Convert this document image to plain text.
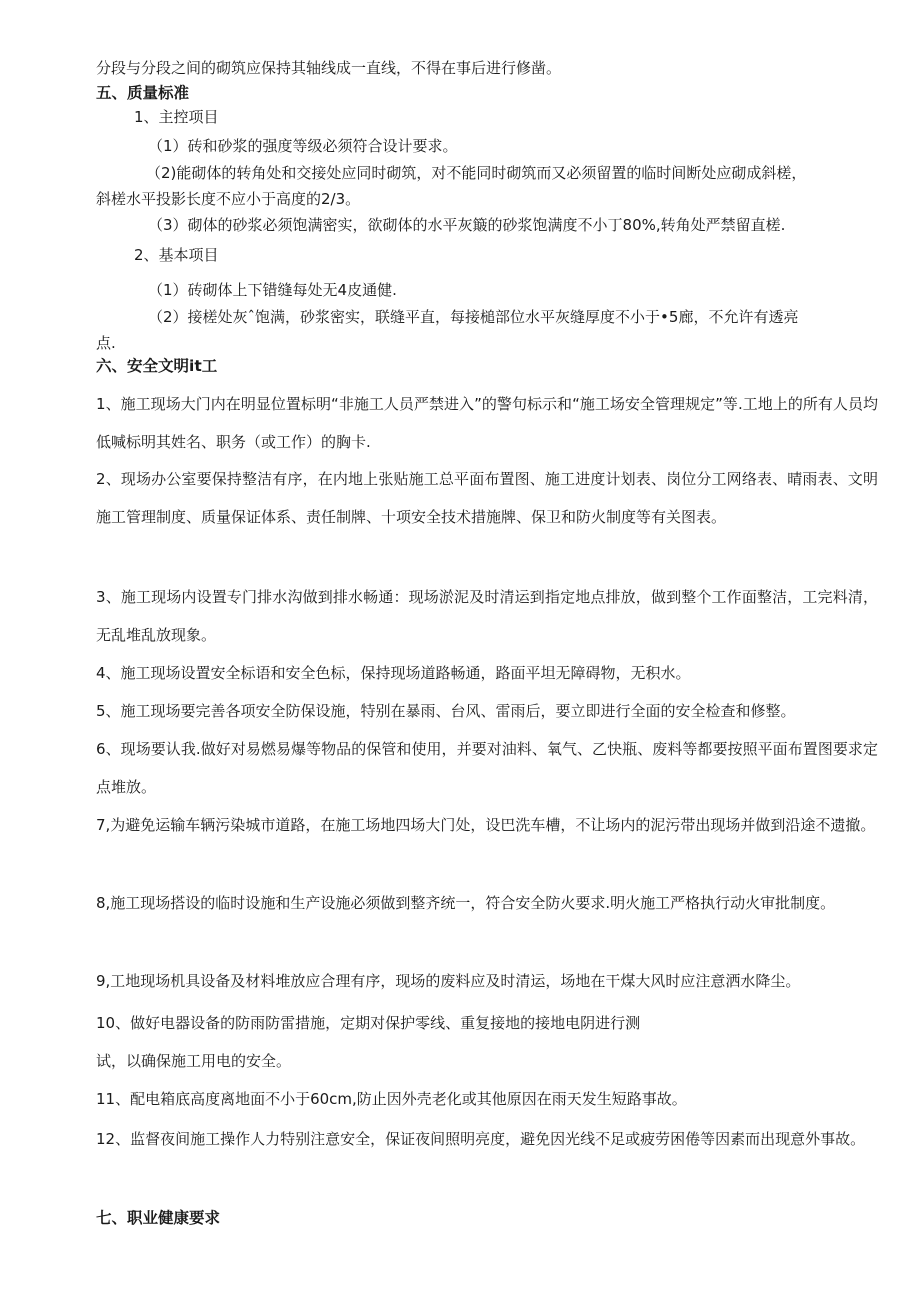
分段与分段之间的砌筑应保持其轴线成一直线，不得在事后进行修凿。
五、质量标准
1、主控项目
（1）砖和砂浆的强度等级必须符合设计要求。
（2)能砌体的转角处和交接处应同时砌筑，对不能同时砌筑而又必须留置的临时间断处应砌成斜槎，
斜槎水平投影长度不应小于高度的2/3。
（3）砌体的砂浆必须饱满密实，欲砌体的水平灰簸的砂浆饱满度不小丁80%,转角处严禁留直槎.
2、基本项目
（1）砖砌体上下错缝每处无4皮通健.
（2）接槎处灰ˆ饱满，砂浆密实，联缝平直，每接槌部位水平灰缝厚度不小于•5廊，不允许有透亮
点.
六、安全文明it工
1、施工现场大门内在明显位置标明“非施工人员严禁进入”的警句标示和“施工场安全管理规定”等.工地上的所有人员均低喊标明其姓名、职务（或工作）的胸卡.
2、现场办公室要保持整洁有序，在内地上张贴施工总平面布置图、施工进度计划表、岗位分工网络表、晴雨表、文明施工管理制度、质量保证体系、责任制牌、十项安全技术措施牌、保卫和防火制度等有关图表。
3、施工现场内设置专门排水沟做到排水畅通：现场淤泥及时清运到指定地点排放，做到整个工作面整洁，工完料清，无乱堆乱放现象。
4、施工现场设置安全标语和安全色标，保持现场道路畅通，路面平坦无障碍物，无积水。
5、施工现场要完善各项安全防保设施，特别在暴雨、台风、雷雨后，要立即进行全面的安全检查和修整。
6、现场要认我.做好对易燃易爆等物品的保管和使用，并要对油料、氧气、乙快瓶、废料等都要按照平面布置图要求定点堆放。
7,为避免运输车辆污染城市道路，在施工场地四场大门处，设巴洗车槽，不让场内的泥污带出现场并做到沿途不遗撤。
8,施工现场搭设的临时设施和生产设施必须做到整齐统一，符合安全防火要求.明火施工严格执行动火审批制度。
9,工地现场机具设备及材料堆放应合理有序，现场的废料应及时清运，场地在干煤大风时应注意洒水降尘。
10、做好电器设备的防雨防雷措施，定期对保护零线、重复接地的接地电阴进行测
试，以确保施工用电的安全。
11、配电箱底高度离地面不小于60cm,防止因外壳老化或其他原因在雨天发生短路事故。
12、监督夜间施工操作人力特别注意安全，保证夜间照明亮度，避免因光线不足或疲劳困倦等因素而出现意外事故。
七、职业健康要求
